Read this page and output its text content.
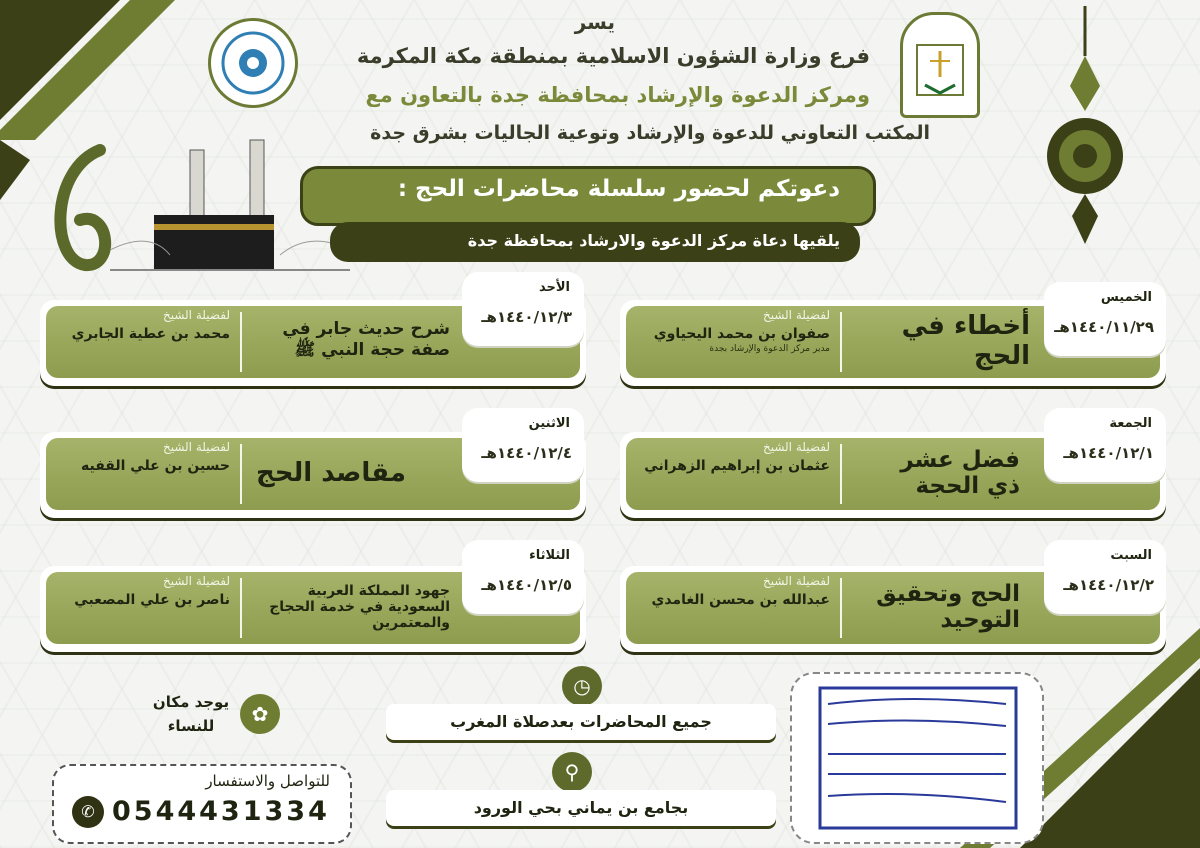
يسر
فرع وزارة الشؤون الاسلامية بمنطقة مكة المكرمة
ومركز الدعوة والإرشاد بمحافظة جدة بالتعاون مع
المكتب التعاوني للدعوة والإرشاد وتوعية الجاليات بشرق جدة
دعوتكم لحضور سلسلة محاضرات الحج :
يلقيها دعاة مركز الدعوة والارشاد بمحافظة جدة
أخطاء في الحج
لفضيلة الشيخ
صفوان بن محمد اليحياوي
مدير مركز الدعوة والإرشاد بجدة
الخميس
١٤٤٠/١١/٢٩هـ
فضل عشر ذي الحجة
لفضيلة الشيخ
عثمان بن إبراهيم الزهراني
الجمعة
١٤٤٠/١٢/١هـ
الحج وتحقيق التوحيد
لفضيلة الشيخ
عبدالله بن محسن الغامدي
السبت
١٤٤٠/١٢/٢هـ
شرح حديث جابر في صفة حجة النبي ﷺ
لفضيلة الشيخ
محمد بن عطية الجابري
الأحد
١٤٤٠/١٢/٣هـ
مقاصد الحج
لفضيلة الشيخ
حسين بن علي القفيه
الاثنين
١٤٤٠/١٢/٤هـ
جهود المملكة العربية السعودية في خدمة الحجاج والمعتمرين
لفضيلة الشيخ
ناصر بن علي المصعبي
الثلاثاء
١٤٤٠/١٢/٥هـ
◷
جميع المحاضرات بعدصلاة المغرب
⚲
بجامع بن يماني بحي الورود
✿
يوجد مكان للنساء
للتواصل والاستفسار
✆ 0544431334
